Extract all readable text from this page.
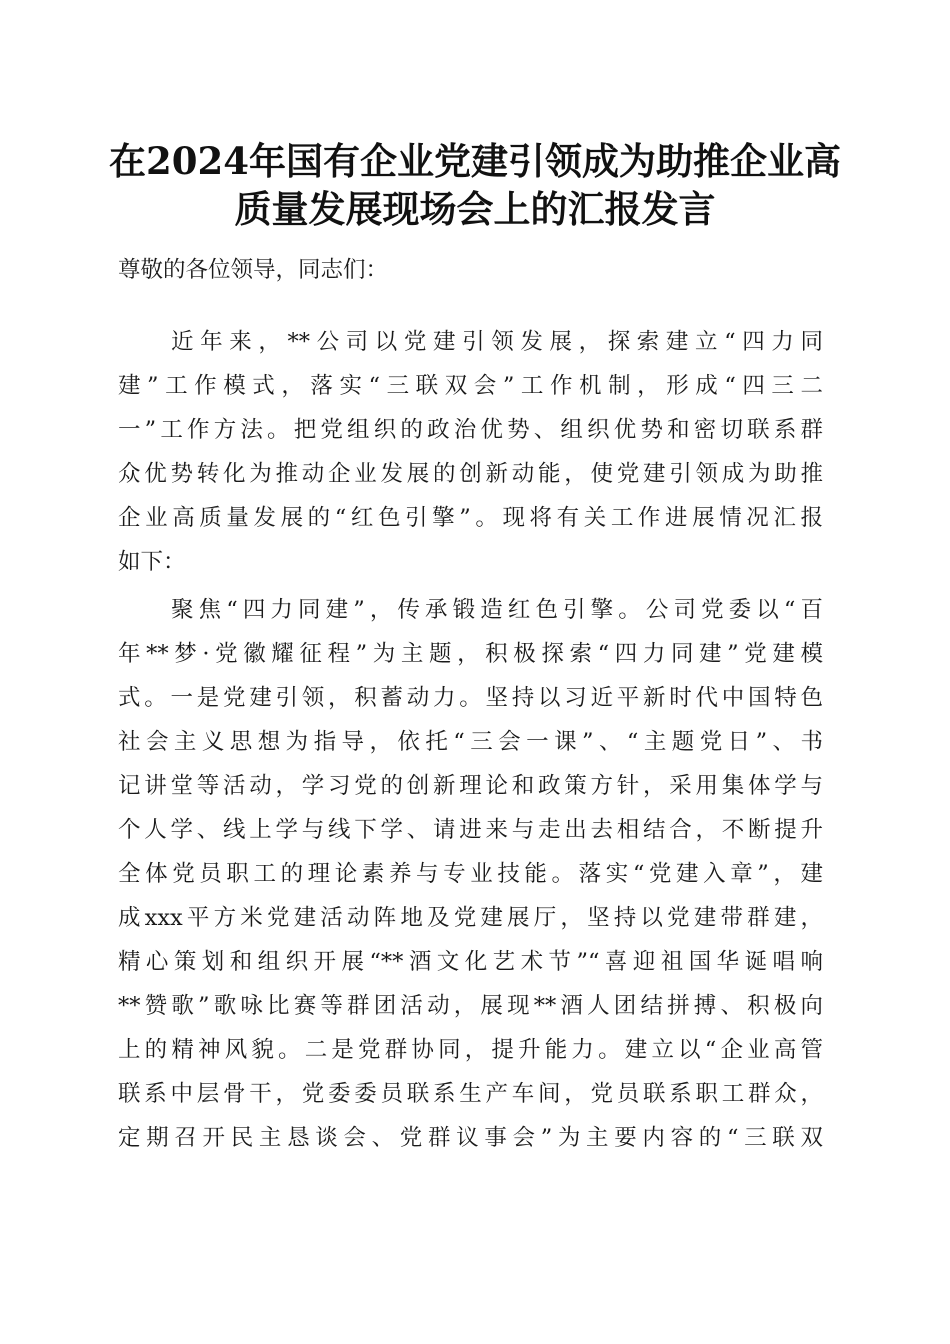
在2024年国有企业党建引领成为助推企业高
质量发展现场会上的汇报发言
尊敬的各位领导，同志们：
近年来，**公司以党建引领发展，探索建立“四力同
建”工作模式，落实“三联双会”工作机制，形成“四三二
一”工作方法。把党组织的政治优势、组织优势和密切联系群
众优势转化为推动企业发展的创新动能，使党建引领成为助推
企业高质量发展的“红色引擎”。现将有关工作进展情况汇报
如下：
聚焦“四力同建”，传承锻造红色引擎。公司党委以“百
年**梦·党徽耀征程”为主题，积极探索“四力同建”党建模
式。一是党建引领，积蓄动力。坚持以习近平新时代中国特色
社会主义思想为指导，依托“三会一课”、“主题党日”、书
记讲堂等活动，学习党的创新理论和政策方针，采用集体学与
个人学、线上学与线下学、请进来与走出去相结合，不断提升
全体党员职工的理论素养与专业技能。落实“党建入章”，建
成xxx平方米党建活动阵地及党建展厅，坚持以党建带群建，
精心策划和组织开展“**酒文化艺术节”“喜迎祖国华诞唱响
**赞歌”歌咏比赛等群团活动，展现**酒人团结拼搏、积极向
上的精神风貌。二是党群协同，提升能力。建立以“企业高管
联系中层骨干，党委委员联系生产车间，党员联系职工群众，
定期召开民主恳谈会、党群议事会”为主要内容的“三联双
